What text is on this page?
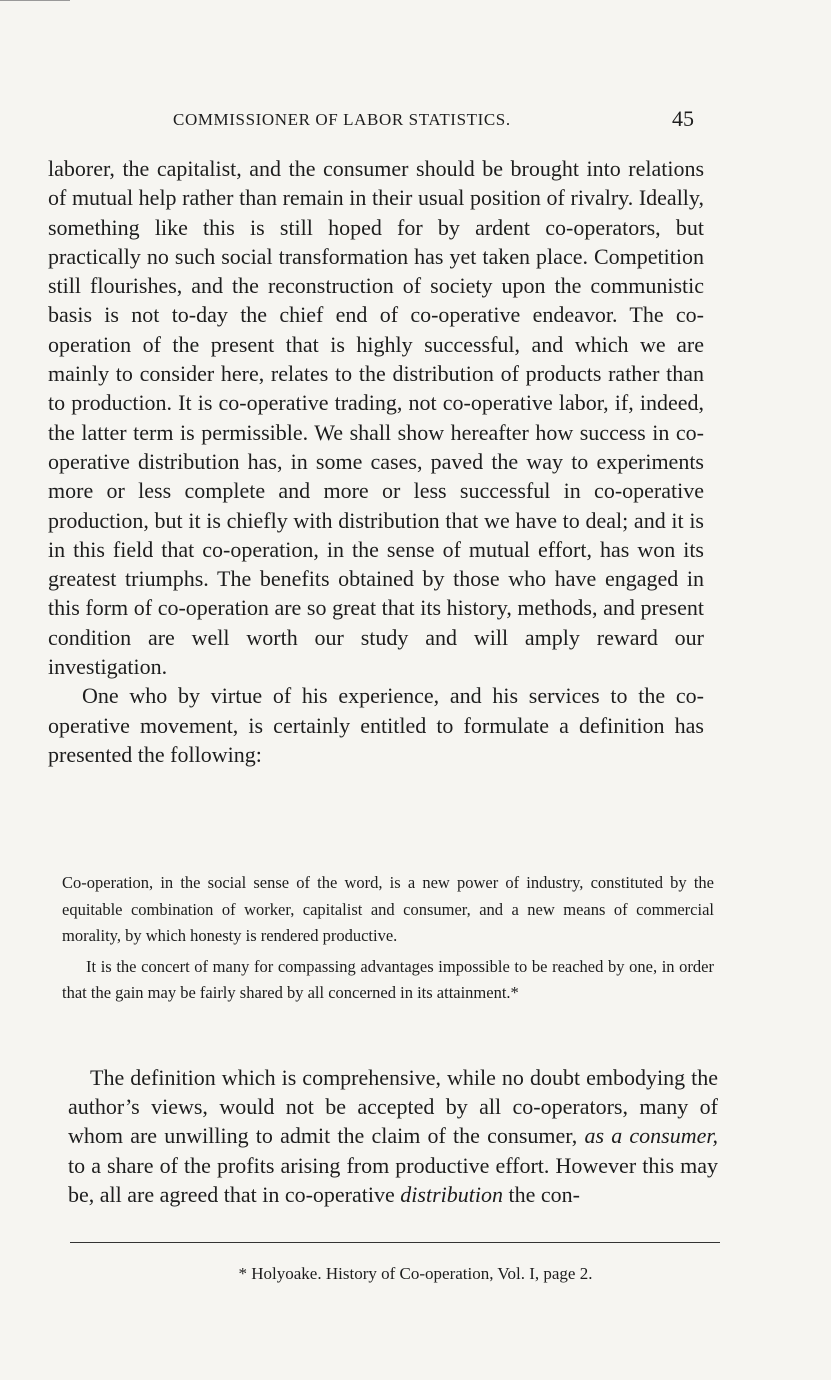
COMMISSIONER OF LABOR STATISTICS.	45

laborer, the capitalist, and the consumer should be brought into relations of mutual help rather than remain in their usual position of rivalry. Ideally, something like this is still hoped for by ardent co-operators, but practically no such social transformation has yet taken place. Competition still flourishes, and the reconstruction of society upon the communistic basis is not to-day the chief end of co-operative endeavor. The co-operation of the present that is highly successful, and which we are mainly to consider here, relates to the distribution of products rather than to production. It is co-operative trading, not co-operative labor, if, indeed, the latter term is permissible. We shall show hereafter how success in co-operative distribution has, in some cases, paved the way to experiments more or less complete and more or less successful in co-operative production, but it is chiefly with distribution that we have to deal; and it is in this field that co-operation, in the sense of mutual effort, has won its greatest triumphs. The benefits obtained by those who have engaged in this form of co-operation are so great that its history, methods, and present condition are well worth our study and will amply reward our investigation.

One who by virtue of his experience, and his services to the co-operative movement, is certainly entitled to formulate a definition has presented the following:

Co-operation, in the social sense of the word, is a new power of industry, constituted by the equitable combination of worker, capitalist and consumer, and a new means of commercial morality, by which honesty is rendered productive.

It is the concert of many for compassing advantages impossible to be reached by one, in order that the gain may be fairly shared by all concerned in its attainment.*

The definition which is comprehensive, while no doubt embodying the author’s views, would not be accepted by all co-operators, many of whom are unwilling to admit the claim of the consumer, as a consumer, to a share of the profits arising from productive effort. However this may be, all are agreed that in co-operative distribution the con-

* Holyoake. History of Co-operation, Vol. I, page 2.
